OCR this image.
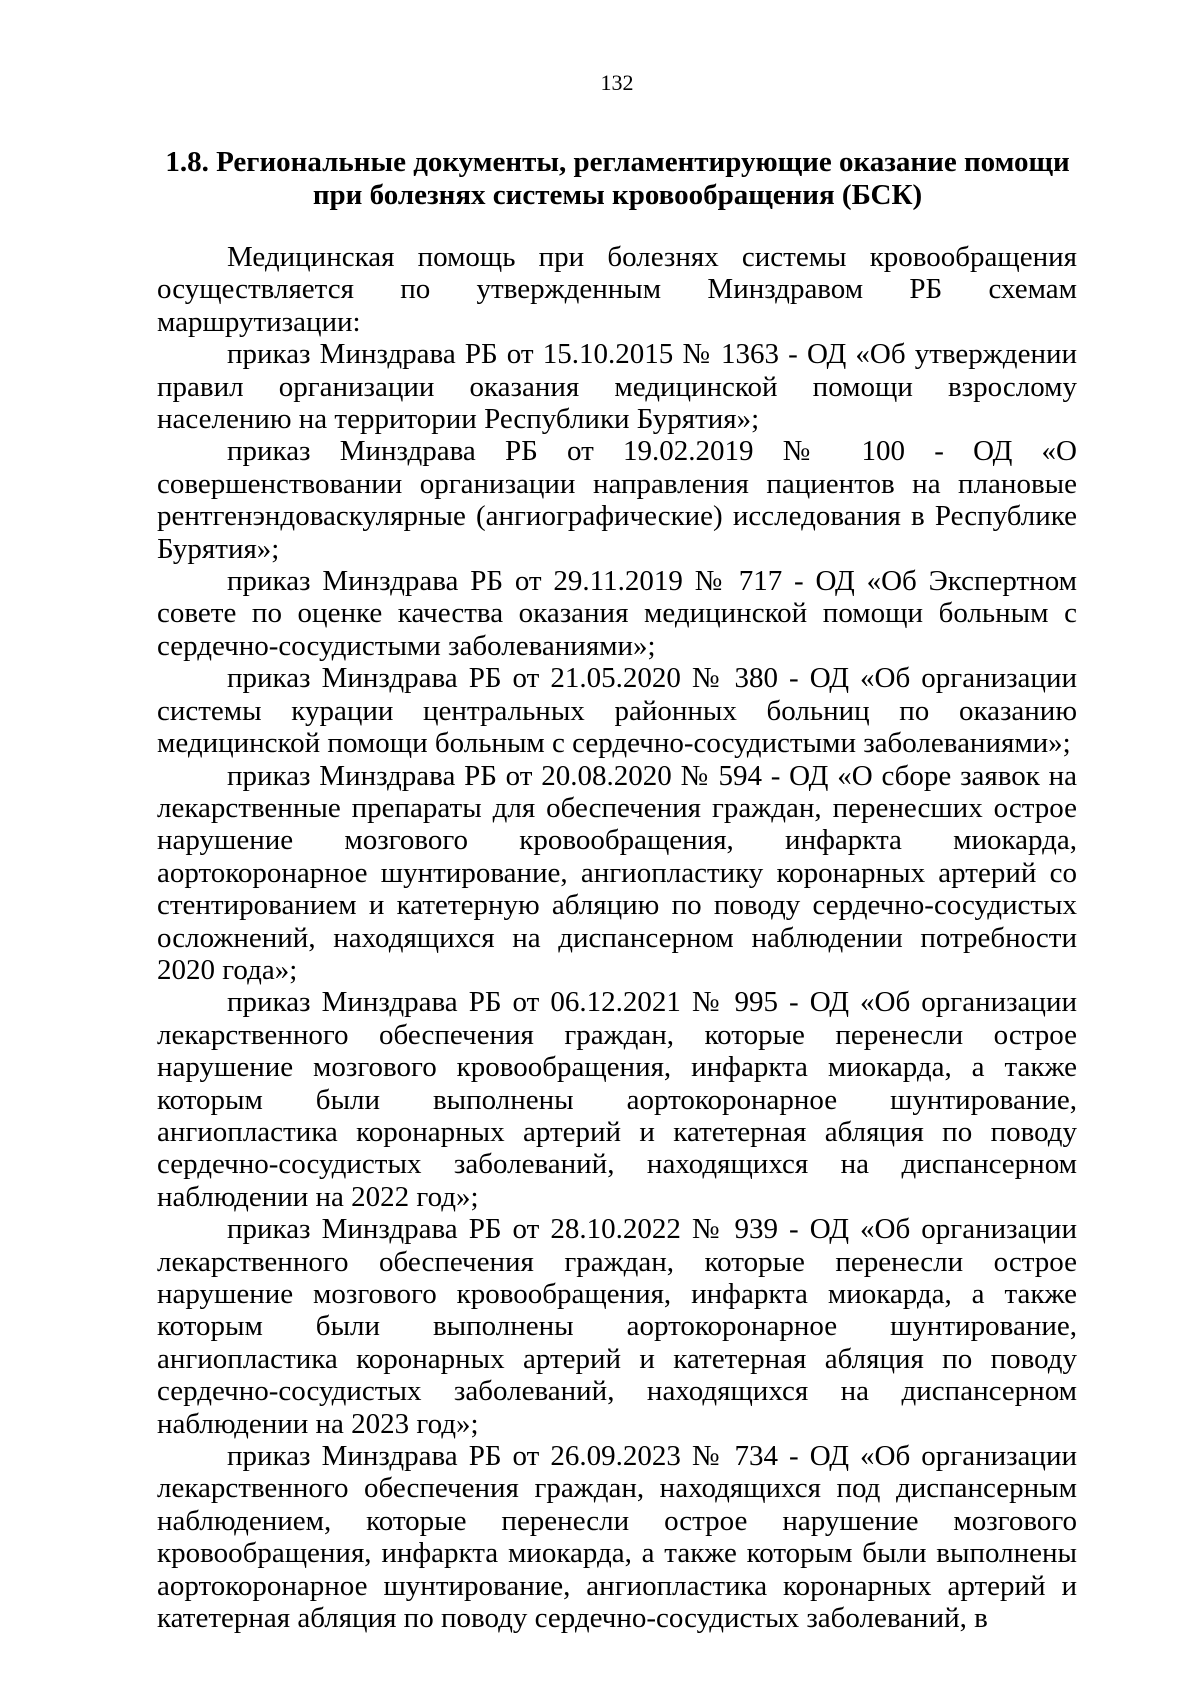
132
1.8. Региональные документы, регламентирующие оказание помощи при болезнях системы кровообращения (БСК)

Медицинская помощь при болезнях системы кровообращения осуществляется по утвержденным Минздравом РБ схемам маршрутизации:

приказ Минздрава РБ от 15.10.2015 № 1363 - ОД «Об утверждении правил организации оказания медицинской помощи взрослому населению на территории Республики Бурятия»;

приказ Минздрава РБ от 19.02.2019 № 100 - ОД «О совершенствовании организации направления пациентов на плановые рентгенэндоваскулярные (ангиографические) исследования в Республике Бурятия»;

приказ Минздрава РБ от 29.11.2019 № 717 - ОД «Об Экспертном совете по оценке качества оказания медицинской помощи больным с сердечно-сосудистыми заболеваниями»;

приказ Минздрава РБ от 21.05.2020 № 380 - ОД «Об организации системы курации центральных районных больниц по оказанию медицинской помощи больным с сердечно-сосудистыми заболеваниями»;

приказ Минздрава РБ от 20.08.2020 № 594 - ОД «О сборе заявок на лекарственные препараты для обеспечения граждан, перенесших острое нарушение мозгового кровообращения, инфаркта миокарда, аортокоронарное шунтирование, ангиопластику коронарных артерий со стентированием и катетерную абляцию по поводу сердечно-сосудистых осложнений, находящихся на диспансерном наблюдении потребности 2020 года»;

приказ Минздрава РБ от 06.12.2021 № 995 - ОД «Об организации лекарственного обеспечения граждан, которые перенесли острое нарушение мозгового кровообращения, инфаркта миокарда, а также которым были выполнены аортокоронарное шунтирование, ангиопластика коронарных артерий и катетерная абляция по поводу сердечно-сосудистых заболеваний, находящихся на диспансерном наблюдении на 2022 год»;

приказ Минздрава РБ от 28.10.2022 № 939 - ОД «Об организации лекарственного обеспечения граждан, которые перенесли острое нарушение мозгового кровообращения, инфаркта миокарда, а также которым были выполнены аортокоронарное шунтирование, ангиопластика коронарных артерий и катетерная абляция по поводу сердечно-сосудистых заболеваний, находящихся на диспансерном наблюдении на 2023 год»;

приказ Минздрава РБ от 26.09.2023 № 734 - ОД «Об организации лекарственного обеспечения граждан, находящихся под диспансерным наблюдением, которые перенесли острое нарушение мозгового кровообращения, инфаркта миокарда, а также которым были выполнены аортокоронарное шунтирование, ангиопластика коронарных артерий и катетерная абляция по поводу сердечно-сосудистых заболеваний, в
